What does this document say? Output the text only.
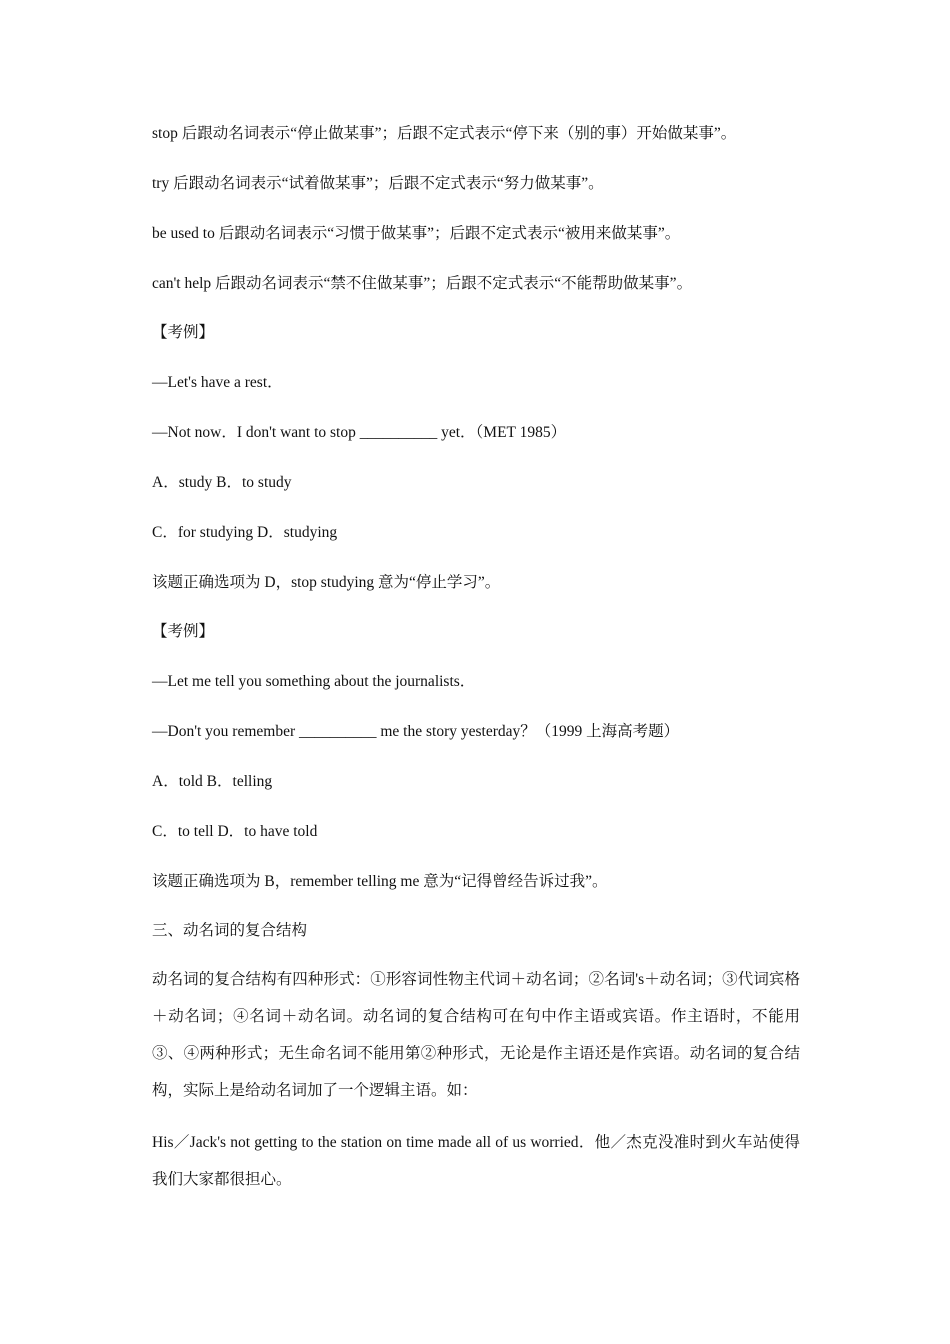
stop 后跟动名词表示“停止做某事”；后跟不定式表示“停下来（别的事）开始做某事”。
try 后跟动名词表示“试着做某事”；后跟不定式表示“努力做某事”。
be used to 后跟动名词表示“习惯于做某事”；后跟不定式表示“被用来做某事”。
can't help 后跟动名词表示“禁不住做某事”；后跟不定式表示“不能帮助做某事”。
【考例】
—Let's have a rest．
—Not now．I don't want to stop __________ yet．（MET 1985）
A．study B．to study
C．for studying D．studying
该题正确选项为 D，stop studying 意为“停止学习”。
【考例】
—Let me tell you something about the journalists．
—Don't you remember __________ me the story yesterday？（1999 上海高考题）
A．told B．telling
C．to tell D．to have told
该题正确选项为 B，remember telling me 意为“记得曾经告诉过我”。
三、动名词的复合结构
动名词的复合结构有四种形式：①形容词性物主代词＋动名词；②名词's＋动名词；③代词宾格＋动名词；④名词＋动名词。动名词的复合结构可在句中作主语或宾语。作主语时，不能用③、④两种形式；无生命名词不能用第②种形式，无论是作主语还是作宾语。动名词的复合结构，实际上是给动名词加了一个逻辑主语。如：
His／Jack's not getting to the station on time made all of us worried．他／杰克没准时到火车站使得我们大家都很担心。
